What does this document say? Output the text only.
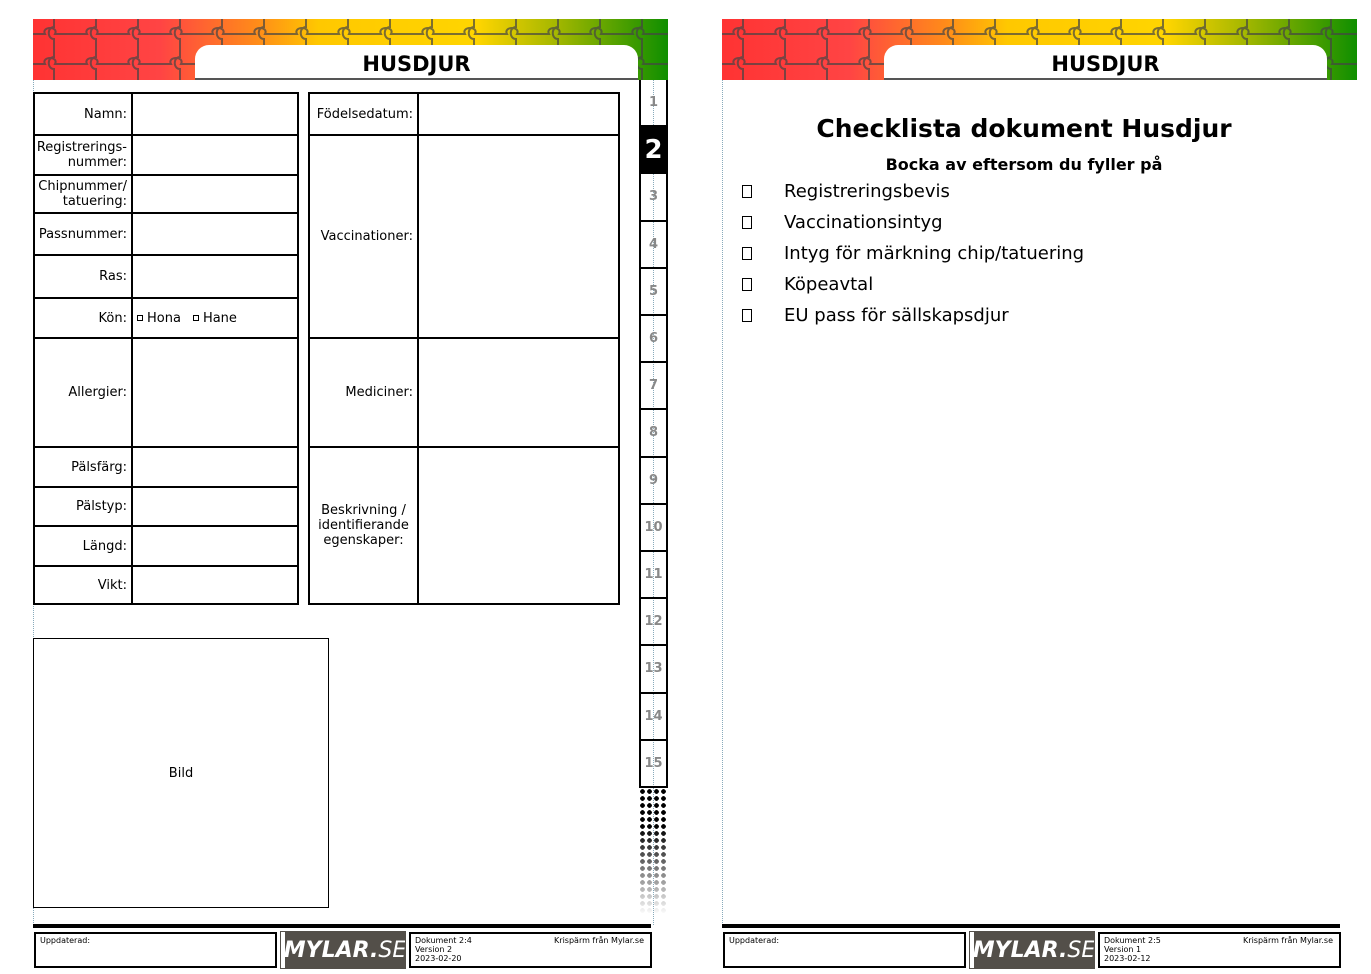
HUSDJUR
Namn:
Registrerings-
nummer:
Chipnummer/
tatuering:
Passnummer:
Ras:
Kön:	Hona	Hane
Allergier:
Pälsfärg:
Pälstyp:
Längd:
Vikt:
Födelsedatum:
Vaccinationer:
Mediciner:
Beskrivning /
identifierande
egenskaper:
Bild
1
2
3
4
5
6
7
8
9
10
11
12
13
14
15
Uppdaterad:	MYLAR. SE	Krispärm från Mylar.se
Dokument 2:4
Version 2
2023-02-20
HUSDJUR
Checklista dokument Husdjur
Bocka av eftersom du fyller på
Registreringsbevis
Vaccinationsintyg
Intyg för märkning chip/tatuering
Köpeavtal
EU pass för sällskapsdjur
Uppdaterad:	MYLAR. SE	Krispärm från Mylar.se
Dokument 2:5
Version 1
2023-02-12
